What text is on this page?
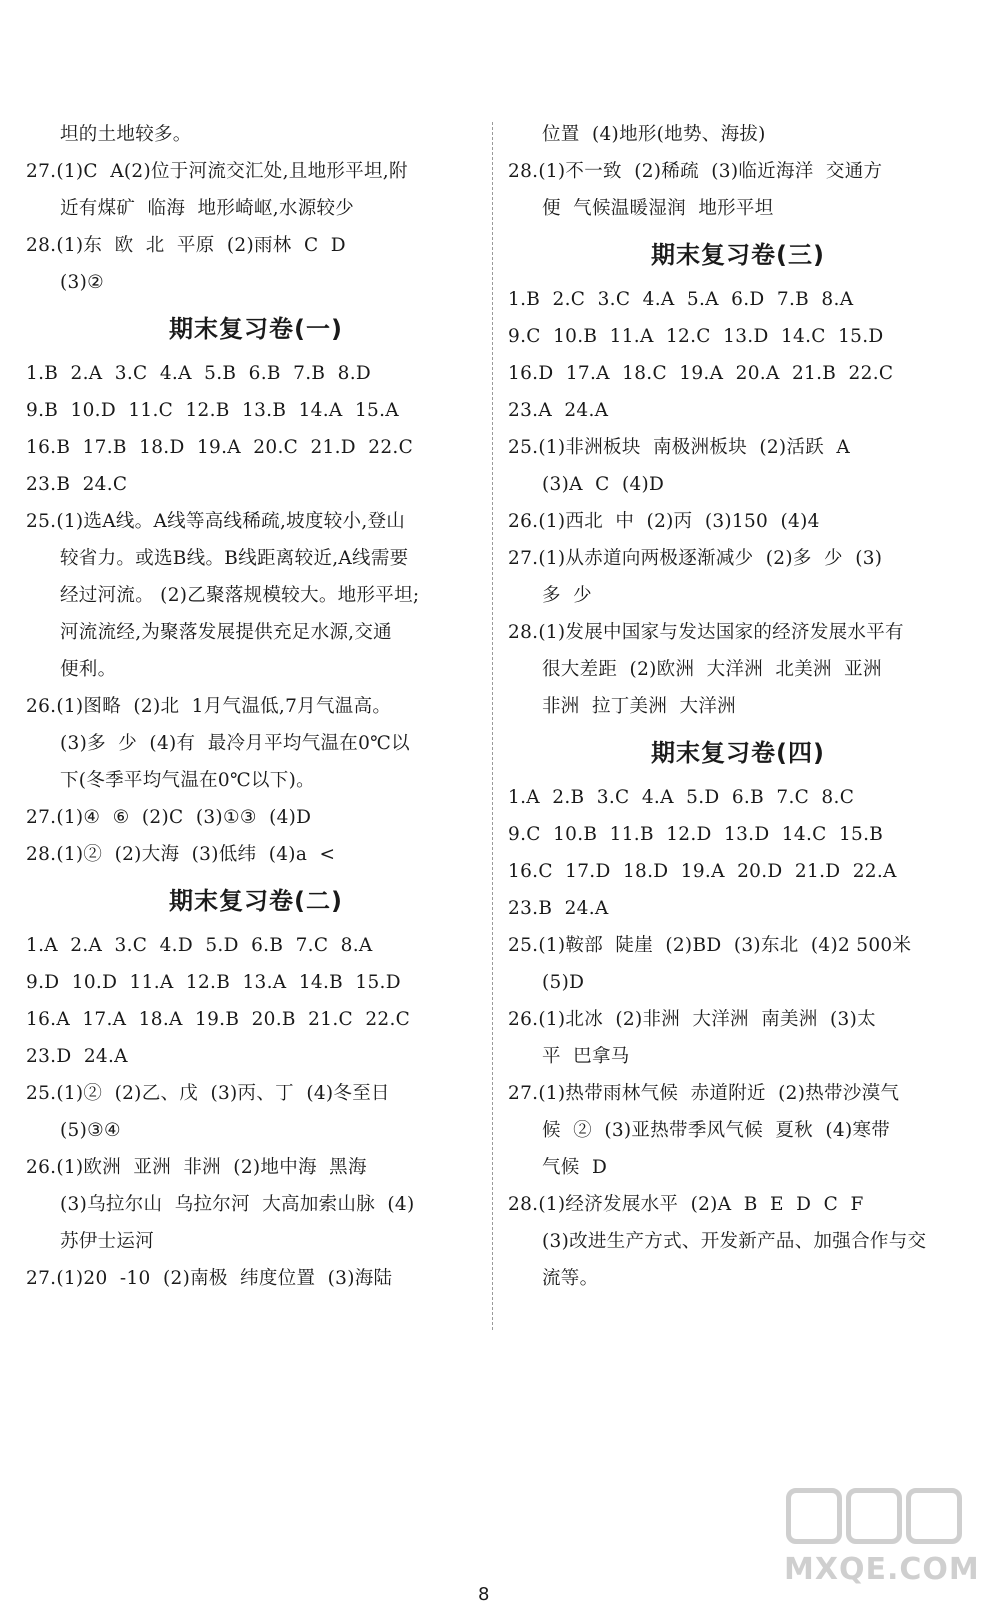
坦的土地较多。
27.(1)C  A(2)位于河流交汇处,且地形平坦,附
近有煤矿  临海  地形崎岖,水源较少
28.(1)东  欧  北  平原  (2)雨林  C  D
(3)②
期末复习卷(一)
1.B  2.A  3.C  4.A  5.B  6.B  7.B  8.D
9.B  10.D  11.C  12.B  13.B  14.A  15.A
16.B  17.B  18.D  19.A  20.C  21.D  22.C
23.B  24.C
25.(1)选A线。A线等高线稀疏,坡度较小,登山
较省力。或选B线。B线距离较近,A线需要
经过河流。 (2)乙聚落规模较大。地形平坦;
河流流经,为聚落发展提供充足水源,交通
便利。
26.(1)图略  (2)北  1月气温低,7月气温高。
(3)多  少  (4)有  最冷月平均气温在0℃以
下(冬季平均气温在0℃以下)。
27.(1)④  ⑥  (2)C  (3)①③  (4)D
28.(1)②  (2)大海  (3)低纬  (4)a  <
期末复习卷(二)
1.A  2.A  3.C  4.D  5.D  6.B  7.C  8.A
9.D  10.D  11.A  12.B  13.A  14.B  15.D
16.A  17.A  18.A  19.B  20.B  21.C  22.C
23.D  24.A
25.(1)②  (2)乙、戊  (3)丙、丁  (4)冬至日
(5)③④
26.(1)欧洲  亚洲  非洲  (2)地中海  黑海
(3)乌拉尔山  乌拉尔河  大高加索山脉  (4)
苏伊士运河
27.(1)20  -10  (2)南极  纬度位置  (3)海陆
位置  (4)地形(地势、海拔)
28.(1)不一致  (2)稀疏  (3)临近海洋  交通方
便  气候温暖湿润  地形平坦
期末复习卷(三)
1.B  2.C  3.C  4.A  5.A  6.D  7.B  8.A
9.C  10.B  11.A  12.C  13.D  14.C  15.D
16.D  17.A  18.C  19.A  20.A  21.B  22.C
23.A  24.A
25.(1)非洲板块  南极洲板块  (2)活跃  A
(3)A  C  (4)D
26.(1)西北  中  (2)丙  (3)150  (4)4
27.(1)从赤道向两极逐渐减少  (2)多  少  (3)
多  少
28.(1)发展中国家与发达国家的经济发展水平有
很大差距  (2)欧洲  大洋洲  北美洲  亚洲
非洲  拉丁美洲  大洋洲
期末复习卷(四)
1.A  2.B  3.C  4.A  5.D  6.B  7.C  8.C
9.C  10.B  11.B  12.D  13.D  14.C  15.B
16.C  17.D  18.D  19.A  20.D  21.D  22.A
23.B  24.A
25.(1)鞍部  陡崖  (2)BD  (3)东北  (4)2 500米
(5)D
26.(1)北冰  (2)非洲  大洋洲  南美洲  (3)太
平  巴拿马
27.(1)热带雨林气候  赤道附近  (2)热带沙漠气
候  ②  (3)亚热带季风气候  夏秋  (4)寒带
气候  D
28.(1)经济发展水平  (2)A  B  E  D  C  F
(3)改进生产方式、开发新产品、加强合作与交
流等。
8
MXQE.COM
